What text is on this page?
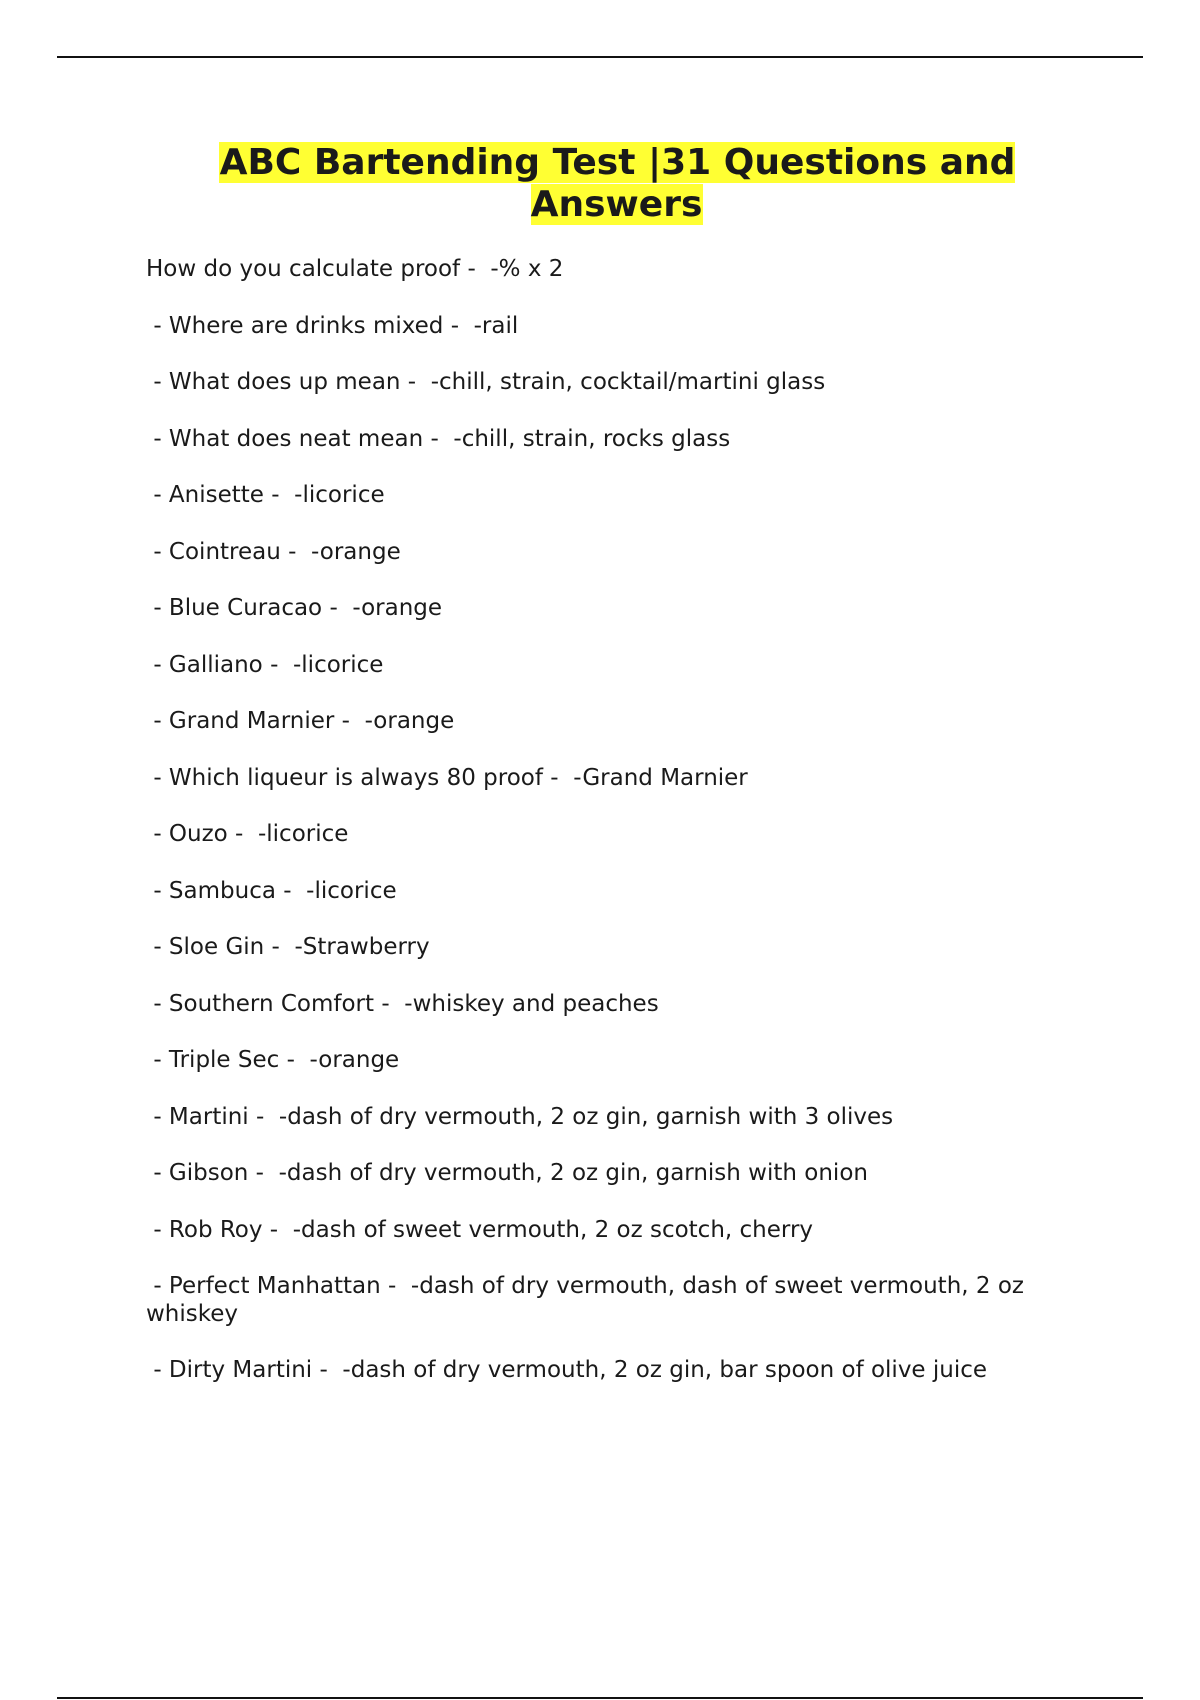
ABC Bartending Test |31 Questions and Answers
How do you calculate proof -  -% x 2
- Where are drinks mixed -  -rail
- What does up mean -  -chill, strain, cocktail/martini glass
- What does neat mean -  -chill, strain, rocks glass
- Anisette -  -licorice
- Cointreau -  -orange
- Blue Curacao -  -orange
- Galliano -  -licorice
- Grand Marnier -  -orange
- Which liqueur is always 80 proof -  -Grand Marnier
- Ouzo -  -licorice
- Sambuca -  -licorice
- Sloe Gin -  -Strawberry
- Southern Comfort -  -whiskey and peaches
- Triple Sec -  -orange
- Martini -  -dash of dry vermouth, 2 oz gin, garnish with 3 olives
- Gibson -  -dash of dry vermouth, 2 oz gin, garnish with onion
- Rob Roy -  -dash of sweet vermouth, 2 oz scotch, cherry
- Perfect Manhattan -  -dash of dry vermouth, dash of sweet vermouth, 2 oz whiskey
- Dirty Martini -  -dash of dry vermouth, 2 oz gin, bar spoon of olive juice
